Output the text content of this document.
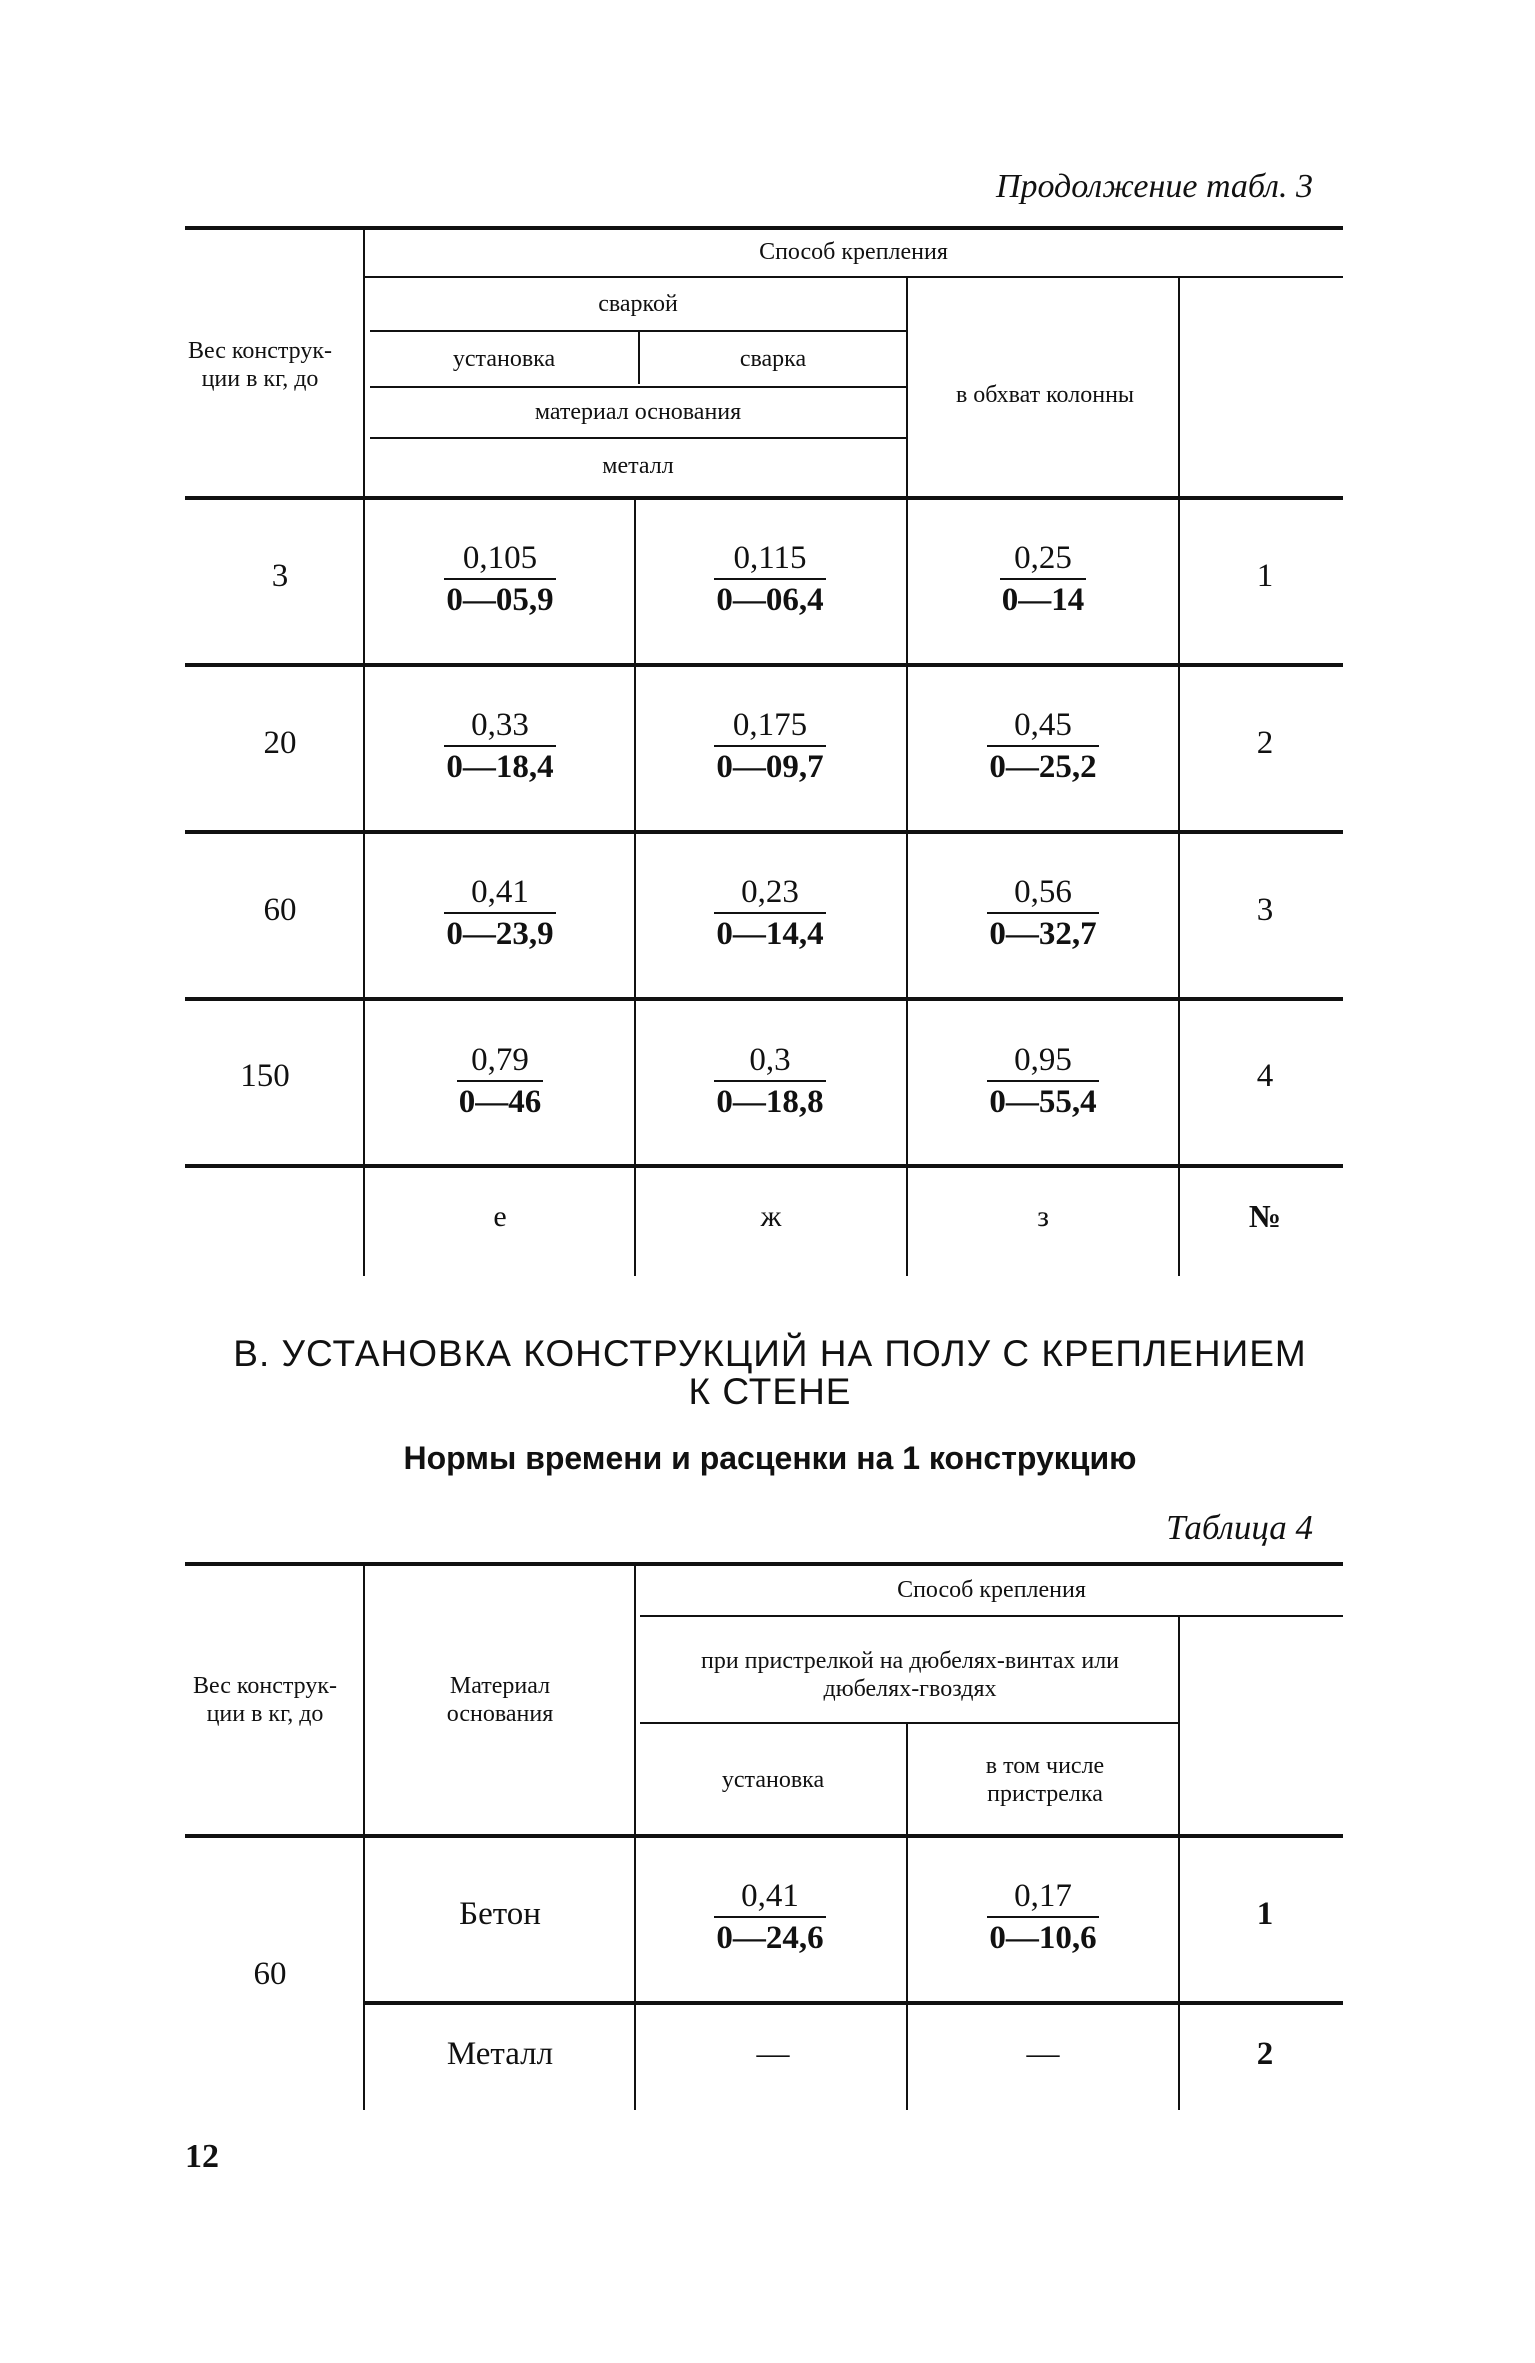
Продолжение табл. 3
Вес конструк-ции в кг, до
Способ крепления
сваркой
установка	сварка
материал основания
металл
в обхват колонны
3	$\frac{0,105}{0—05,9} \frac{0,115}{0—06,4} \frac{0,25}{0—14}$	1
20	$\frac{0,33}{0—18,4} \frac{0,175}{0—09,7} \frac{0,45}{0—25,2}$	2
60	$\frac{0,41}{0—23,9} \frac{0,23}{0—14,4} \frac{0,56}{0—32,7}$	3
150	$\frac{0,79}{0—46} \frac{0,3}{0—18,8} \frac{0,95}{0—55,4}$	4
е	ж	з	№
В. УСТАНОВКА КОНСТРУКЦИЙ НА ПОЛУ С КРЕПЛЕНИЕМ
К СТЕНЕ
Нормы времени и расценки на 1 конструкцию
Таблица 4
Вес конструк-ции в кг, до
Материал основания
Способ крепления
при пристрелкой на дюбелях-винтах или дюбелях-гвоздях
установка
в том числе пристрелка
60
Бетон	$\frac{0,41}{0—24,6} \frac{0,17}{0—10,6}$	1
Металл	—	—	2
12
